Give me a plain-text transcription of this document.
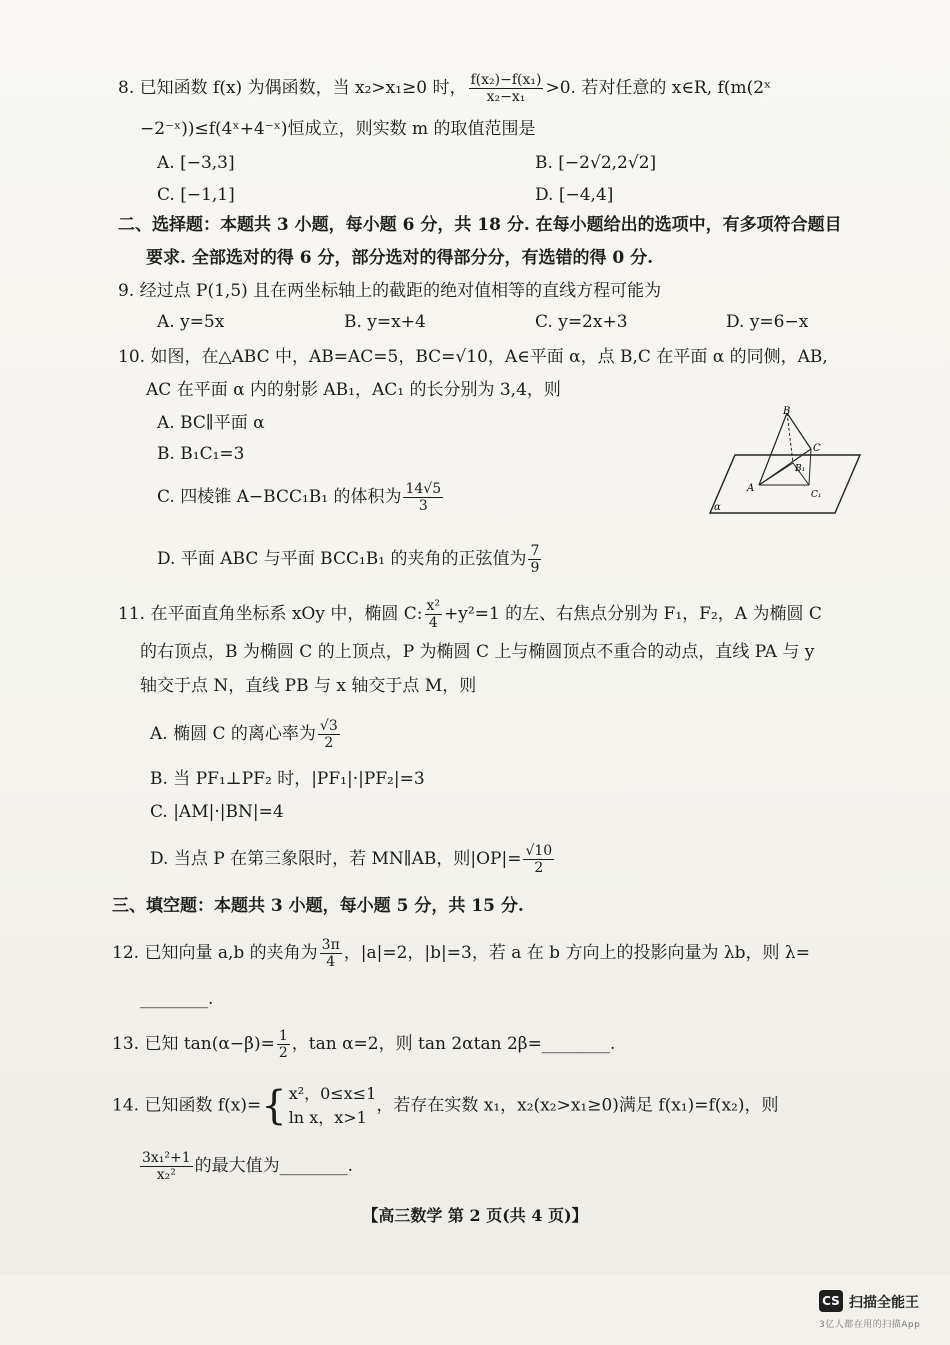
8. 已知函数 f(x) 为偶函数，当 x₂>x₁≥0 时， $\frac{\text{f(x₂)−f(x₁)}}{\text{x₂−x₁}} >0$. 若对任意的 x∈R, f(m(2ˣ
−2⁻ˣ))≤f(4ˣ+4⁻ˣ)恒成立，则实数 m 的取值范围是
A. [−3,3]	B. [−2√2,2√2]
C. [−1,1]	D. [−4,4]
二、选择题：本题共 3 小题，每小题 6 分，共 18 分. 在每小题给出的选项中，有多项符合题目
要求. 全部选对的得 6 分，部分选对的得部分分，有选错的得 0 分.
9. 经过点 P(1,5) 且在两坐标轴上的截距的绝对值相等的直线方程可能为
A. y=5x	B. y=x+4	C. y=2x+3	D. y=6−x
10. 如图，在△ABC 中，AB=AC=5，BC=√10，A∈平面 α，点 B,C 在平面 α 的同侧，AB,
AC 在平面 α 内的射影 AB₁，AC₁ 的长分别为 3,4，则
A. BC∥平面 α
B. B₁C₁=3
C. 四棱锥 A−BCC₁B₁ 的体积为 $\frac{14√5}{3}$
D. 平面 ABC 与平面 BCC₁B₁ 的夹角的正弦值为 $\frac{7}{9}$
B
C
A
B₁
C₁
α
11. 在平面直角坐标系 xOy 中，椭圆 C: $\frac{\text{x²}}{4} +y^2=1$ 的左、右焦点分别为 F₁，F₂，A 为椭圆 C
的右顶点，B 为椭圆 C 的上顶点，P 为椭圆 C 上与椭圆顶点不重合的动点，直线 PA 与 y
轴交于点 N，直线 PB 与 x 轴交于点 M，则
A. 椭圆 C 的离心率为 $\frac{√3}{2}$
B. 当 PF₁⊥PF₂ 时，|PF₁|·|PF₂|=3
C. |AM|·|BN|=4
D. 当点 P 在第三象限时，若 MN∥AB，则$|OP|= \frac{√10}{2}$
三、填空题：本题共 3 小题，每小题 5 分，共 15 分.
12. 已知向量 a,b 的夹角为 $\frac{3\pi}{4}$ ，|a|=2，|b|=3，若 a 在 b 方向上的投影向量为 λb，则 λ=
________.
13. 已知 $\tan(\alpha-\beta)= \frac{1}{2}$ ，tan α=2，则 tan 2αtan 2β=________.
14. 已知函数 f(x)={ x²，0≤x≤1
ln x，x>1
，若存在实数 x₁，x₂(x₂>x₁≥0)满足 f(x₁)=f(x₂)，则
$\frac{\text{3x₁²+1}}{\text{x₂²}}$ 的最大值为________.
【高三数学 第 2 页(共 4 页)】
CS 扫描全能王
3亿人都在用的扫描App
